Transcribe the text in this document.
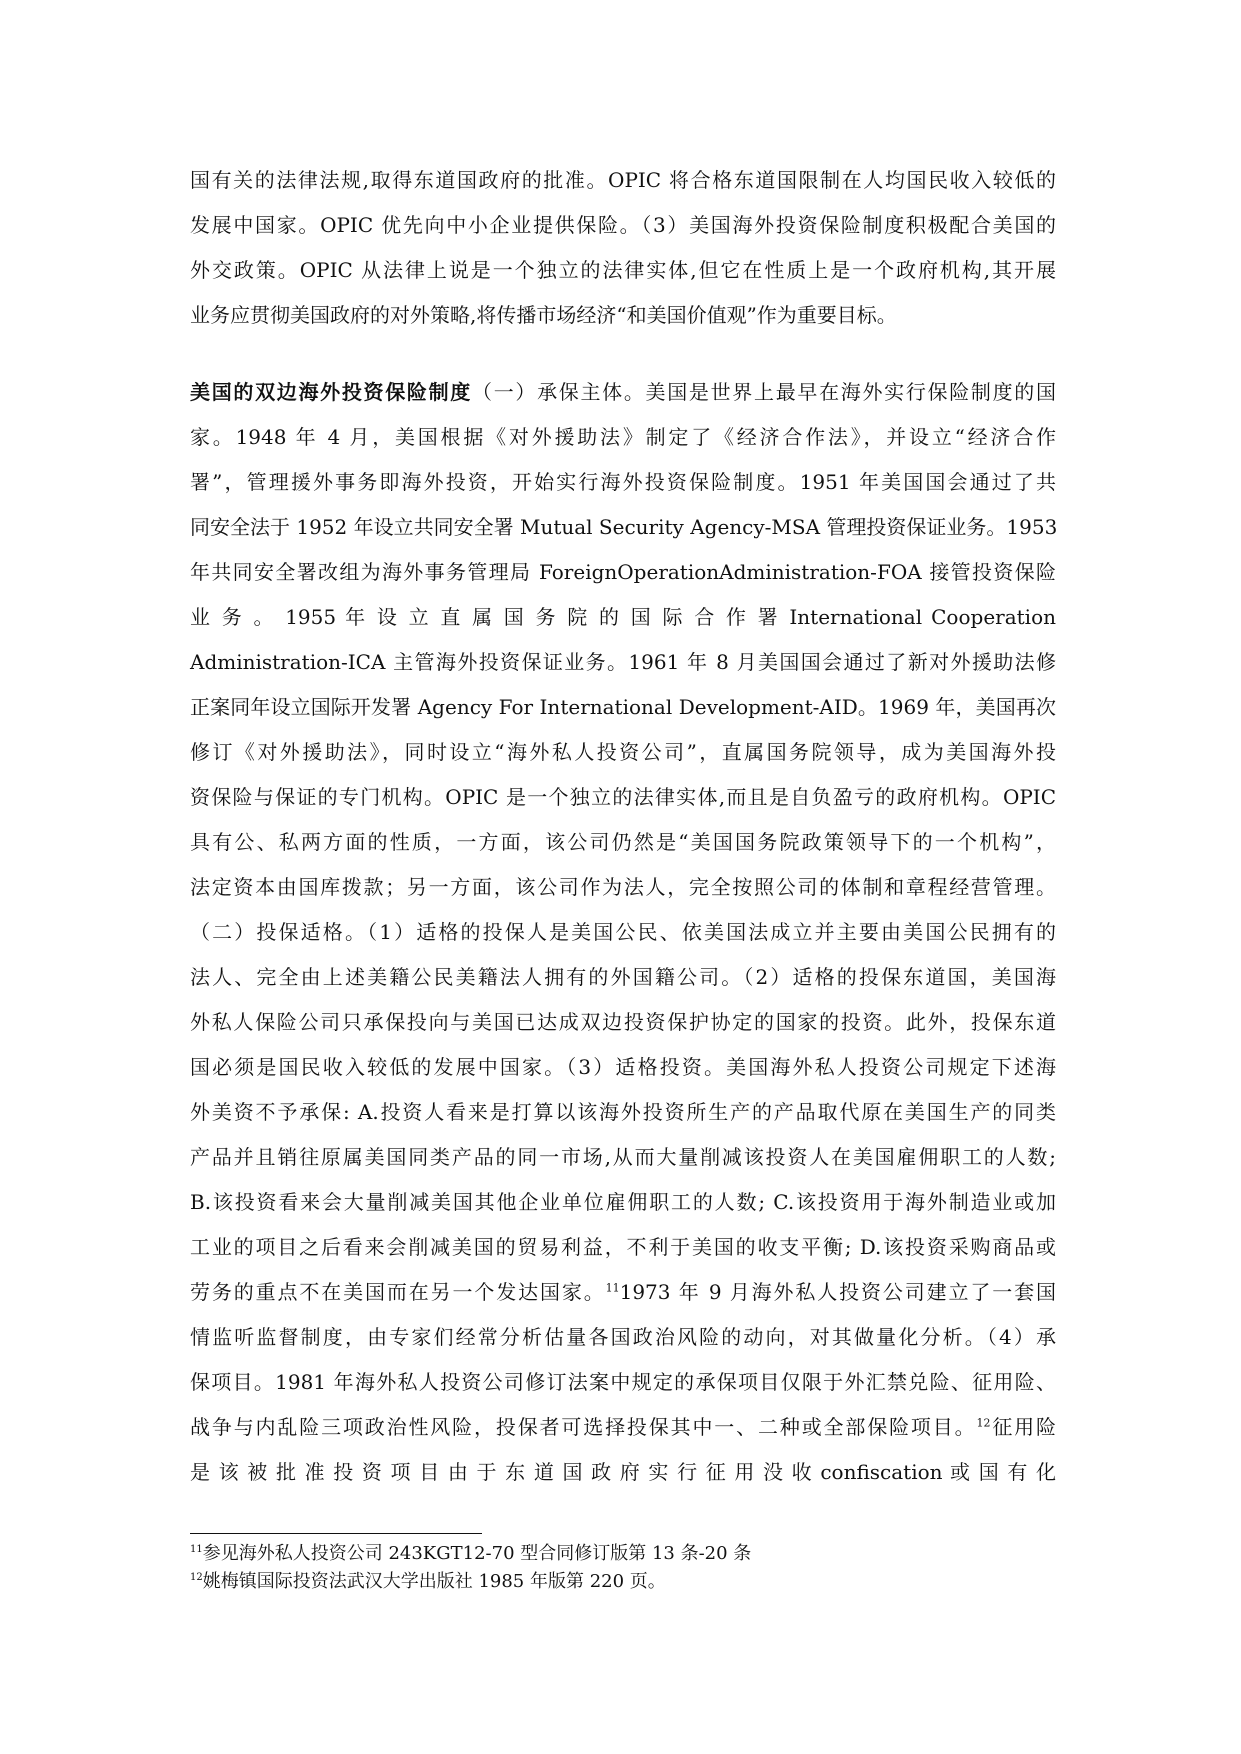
国有关的法律法规,取得东道国政府的批准。OPIC 将合格东道国限制在人均国民收入较低的
发展中国家。OPIC 优先向中小企业提供保险。（3）美国海外投资保险制度积极配合美国的
外交政策。OPIC 从法律上说是一个独立的法律实体,但它在性质上是一个政府机构,其开展
业务应贯彻美国政府的对外策略,将传播市场经济“和美国价值观”作为重要目标。
美国的双边海外投资保险制度（一）承保主体。美国是世界上最早在海外实行保险制度的国
家。1948 年 4 月，美国根据《对外援助法》制定了《经济合作法》，并设立“经济合作
署”，管理援外事务即海外投资，开始实行海外投资保险制度。1951 年美国国会通过了共
同安全法于 1952 年设立共同安全署 Mutual Security Agency-MSA 管理投资保证业务。1953
年共同安全署改组为海外事务管理局 ForeignOperationAdministration-FOA 接管投资保险
业 务 。 1955 年 设 立 直 属 国 务 院 的 国 际 合 作 署 International Cooperation
Administration-ICA 主管海外投资保证业务。1961 年 8 月美国国会通过了新对外援助法修
正案同年设立国际开发署 Agency For International Development-AID。1969 年，美国再次
修订《对外援助法》，同时设立“海外私人投资公司”，直属国务院领导，成为美国海外投
资保险与保证的专门机构。OPIC 是一个独立的法律实体,而且是自负盈亏的政府机构。OPIC
具有公、私两方面的性质，一方面，该公司仍然是“美国国务院政策领导下的一个机构”，
法定资本由国库拨款；另一方面，该公司作为法人，完全按照公司的体制和章程经营管理。
（二）投保适格。（1）适格的投保人是美国公民、依美国法成立并主要由美国公民拥有的
法人、完全由上述美籍公民美籍法人拥有的外国籍公司。（2）适格的投保东道国，美国海
外私人保险公司只承保投向与美国已达成双边投资保护协定的国家的投资。此外，投保东道
国必须是国民收入较低的发展中国家。（3）适格投资。美国海外私人投资公司规定下述海
外美资不予承保: A.投资人看来是打算以该海外投资所生产的产品取代原在美国生产的同类
产品并且销往原属美国同类产品的同一市场,从而大量削减该投资人在美国雇佣职工的人数;
B.该投资看来会大量削减美国其他企业单位雇佣职工的人数; C.该投资用于海外制造业或加
工业的项目之后看来会削减美国的贸易利益，不利于美国的收支平衡; D.该投资采购商品或
劳务的重点不在美国而在另一个发达国家。$^{11}$1973 年 9 月海外私人投资公司建立了一套国
情监听监督制度，由专家们经常分析估量各国政治风险的动向，对其做量化分析。（4）承
保项目。1981 年海外私人投资公司修订法案中规定的承保项目仅限于外汇禁兑险、征用险、
战争与内乱险三项政治性风险，投保者可选择投保其中一、二种或全部保险项目。$^{12}$征用险
是 该 被 批 准 投 资 项 目 由 于 东 道 国 政 府 实 行 征 用 没 收 confiscation 或 国 有 化
$^{11}$参见海外私人投资公司 243KGT12-70 型合同修订版第 13 条-20 条
$^{12}$姚梅镇国际投资法武汉大学出版社 1985 年版第 220 页。
